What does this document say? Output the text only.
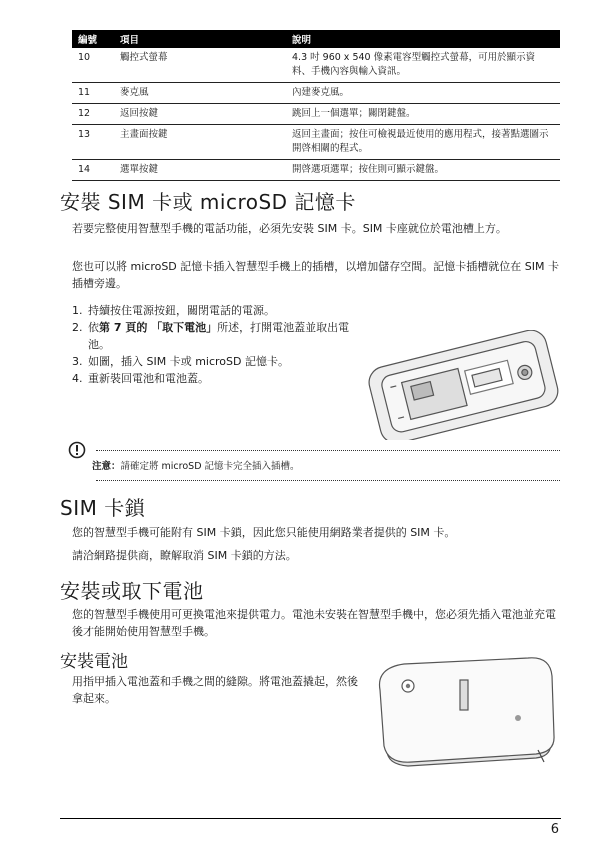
編號	項目	說明
10	觸控式螢幕	4.3 吋 960 x 540 像素電容型觸控式螢幕，可用於顯示資料、手機內容與輸入資訊。
11	麥克風	內建麥克風。
12	返回按鍵	跳回上一個選單；關閉鍵盤。
13	主畫面按鍵	返回主畫面；按住可檢視最近使用的應用程式，接著點選圖示開啓相關的程式。
14	選單按鍵	開啓選項選單；按住則可顯示鍵盤。
安裝 SIM 卡或 microSD 記憶卡

若要完整使用智慧型手機的電話功能，必須先安裝 SIM 卡。SIM 卡座就位於電池槽上方。

您也可以將 microSD 記憶卡插入智慧型手機上的插槽，以增加儲存空間。記憶卡插槽就位在 SIM 卡插槽旁邊。

1. 持續按住電源按鈕，關閉電話的電源。
2. 依第 7 頁的 「取下電池」所述，打開電池蓋並取出電池。
3. 如圖，插入 SIM 卡或 microSD 記憶卡。
4. 重新裝回電池和電池蓋。
注意：請確定將 microSD 記憶卡完全插入插槽。
SIM 卡鎖

您的智慧型手機可能附有 SIM 卡鎖，因此您只能使用網路業者提供的 SIM 卡。

請洽網路提供商，瞭解取消 SIM 卡鎖的方法。

安裝或取下電池

您的智慧型手機使用可更換電池來提供電力。電池未安裝在智慧型手機中，您必須先插入電池並充電後才能開始使用智慧型手機。

安裝電池

用指甲插入電池蓋和手機之間的縫隙。將電池蓋撬起，然後拿起來。

6
